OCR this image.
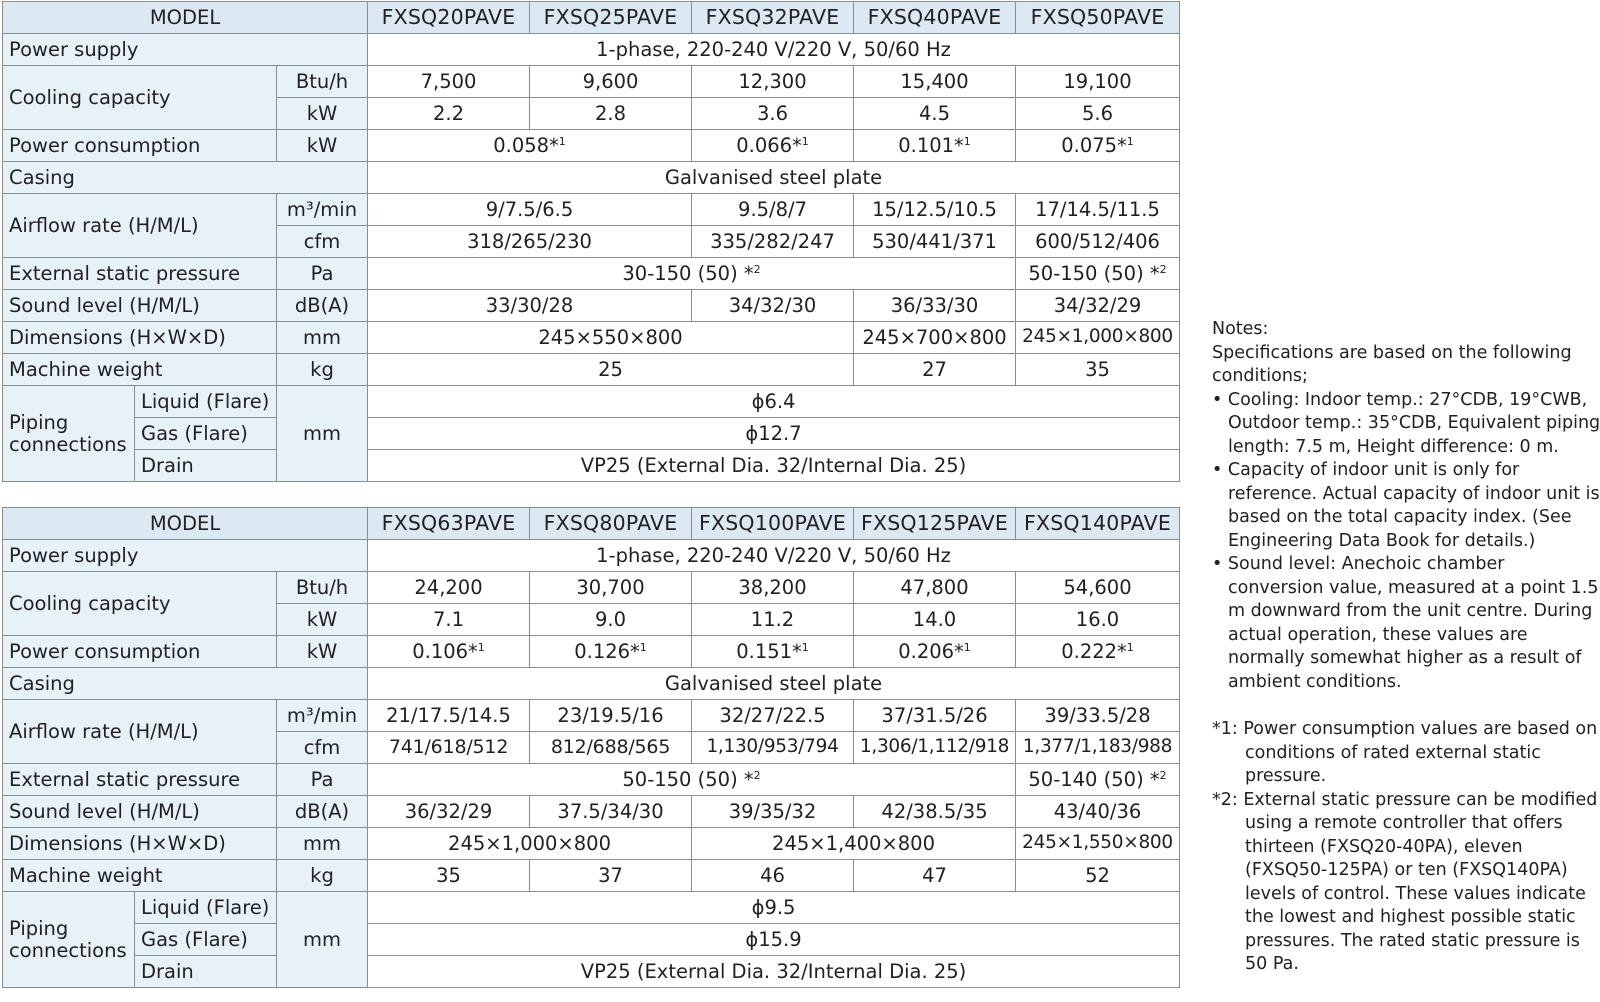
MODEL			FXSQ20PAVE	FXSQ25PAVE	FXSQ32PAVE	FXSQ40PAVE	FXSQ50PAVE
Power supply			1-phase, 220-240 V/220 V, 50/60 Hz				
Cooling capacity		Btu/h	7,500	9,600	12,300	15,400	19,100
		kW	2.2	2.8	3.6	4.5	5.6
Power consumption		kW	0.058*$^1$		0.066*$^1$	0.101*$^1$	0.075*$^1$
Casing			Galvanised steel plate				
Airflow rate (H/M/L)		m³/min	9/7.5/6.5		9.5/8/7	15/12.5/10.5	17/14.5/11.5
		cfm	318/265/230		335/282/247	530/441/371	600/512/406
External static pressure		Pa	30-150 (50) *$^2$				50-150 (50) *$^2$
Sound level (H/M/L)		dB(A)	33/30/28		34/32/30	36/33/30	34/32/29
Dimensions (H×W×D)		mm	245×550×800			245×700×800	245×1,000×800
Machine weight		kg	25			27	35
Piping connections	Liquid (Flare)	mm	ϕ6.4				
	Gas (Flare)		ϕ12.7				
	Drain		VP25 (External Dia. 32/Internal Dia. 25)				
MODEL			FXSQ63PAVE	FXSQ80PAVE	FXSQ100PAVE	FXSQ125PAVE	FXSQ140PAVE
Power supply			1-phase, 220-240 V/220 V, 50/60 Hz				
Cooling capacity		Btu/h	24,200	30,700	38,200	47,800	54,600
		kW	7.1	9.0	11.2	14.0	16.0
Power consumption		kW	0.106*$^1$	0.126*$^1$	0.151*$^1$	0.206*$^1$	0.222*$^1$
Casing			Galvanised steel plate				
Airflow rate (H/M/L)		m³/min	21/17.5/14.5	23/19.5/16	32/27/22.5	37/31.5/26	39/33.5/28
		cfm	741/618/512	812/688/565	1,130/953/794	1,306/1,112/918	1,377/1,183/988
External static pressure		Pa	50-150 (50) *$^2$				50-140 (50) *$^2$
Sound level (H/M/L)		dB(A)	36/32/29	37.5/34/30	39/35/32	42/38.5/35	43/40/36
Dimensions (H×W×D)		mm	245×1,000×800		245×1,400×800		245×1,550×800
Machine weight		kg	35	37	46	47	52
Piping connections	Liquid (Flare)	mm	ϕ9.5				
	Gas (Flare)		ϕ15.9				
	Drain		VP25 (External Dia. 32/Internal Dia. 25)				

Notes:

Specifications are based on the following conditions;

• Cooling: Indoor temp.: 27°CDB, 19°CWB, Outdoor temp.: 35°CDB, Equivalent piping length: 7.5 m, Height difference: 0 m.

• Capacity of indoor unit is only for reference. Actual capacity of indoor unit is based on the total capacity index. (See Engineering Data Book for details.)

• Sound level: Anechoic chamber conversion value, measured at a point 1.5 m downward from the unit centre. During actual operation, these values are normally somewhat higher as a result of ambient conditions.

*1: Power consumption values are based on conditions of rated external static pressure.

*2: External static pressure can be modified using a remote controller that offers thirteen (FXSQ20-40PA), eleven (FXSQ50-125PA) or ten (FXSQ140PA) levels of control. These values indicate the lowest and highest possible static pressures. The rated static pressure is 50 Pa.
